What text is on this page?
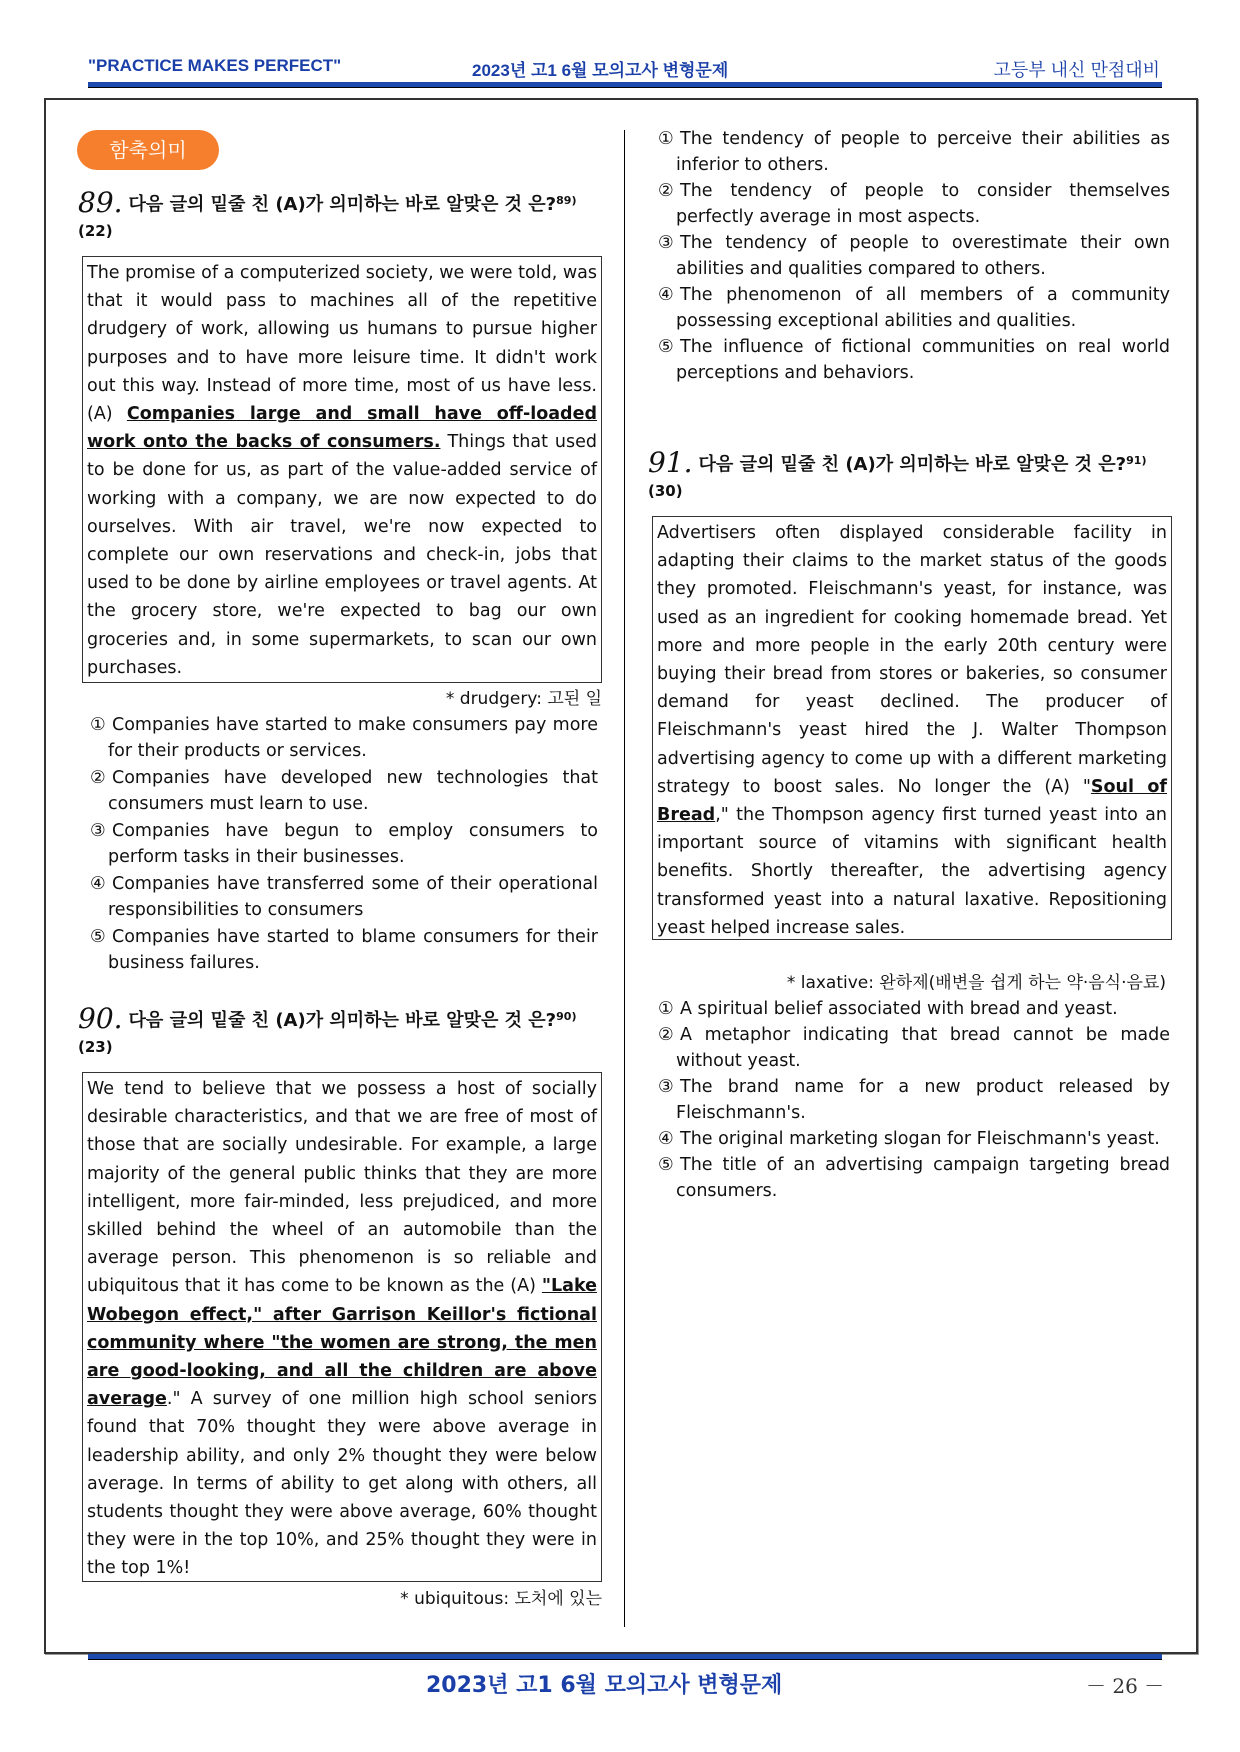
"PRACTICE MAKES PERFECT"	2023년 고1 6월 모의고사 변형문제	고등부 내신 만점대비
함축의미
89. 다음 글의 밑줄 친 (A)가 의미하는 바로 알맞은 것 은?$^{89)}$(22)
The promise of a computerized society, we were told, was that it would pass to machines all of the repetitive drudgery of work, allowing us humans to pursue higher purposes and to have more leisure time. It didn't work out this way. Instead of more time, most of us have less. (A) Companies large and small have off-loaded work onto the backs of consumers. Things that used to be done for us, as part of the value-added service of working with a company, we are now expected to do ourselves. With air travel, we're now expected to complete our own reservations and check-in, jobs that used to be done by airline employees or travel agents. At the grocery store, we're expected to bag our own groceries and, in some supermarkets, to scan our own purchases.
* drudgery: 고된 일
① Companies have started to make consumers pay more for their products or services.
② Companies have developed new technologies that consumers must learn to use.
③ Companies have begun to employ consumers to perform tasks in their businesses.
④ Companies have transferred some of their operational responsibilities to consumers
⑤ Companies have started to blame consumers for their business failures.
90. 다음 글의 밑줄 친 (A)가 의미하는 바로 알맞은 것 은?$^{90)}$(23)
We tend to believe that we possess a host of socially desirable characteristics, and that we are free of most of those that are socially undesirable. For example, a large majority of the general public thinks that they are more intelligent, more fair-minded, less prejudiced, and more skilled behind the wheel of an automobile than the average person. This phenomenon is so reliable and ubiquitous that it has come to be known as the (A) "Lake Wobegon effect," after Garrison Keillor's fictional community where "the women are strong, the men are good-looking, and all the children are above average." A survey of one million high school seniors found that 70% thought they were above average in leadership ability, and only 2% thought they were below average. In terms of ability to get along with others, all students thought they were above average, 60% thought they were in the top 10%, and 25% thought they were in the top 1%!
* ubiquitous: 도처에 있는
① The tendency of people to perceive their abilities as inferior to others.
② The tendency of people to consider themselves perfectly average in most aspects.
③ The tendency of people to overestimate their own abilities and qualities compared to others.
④ The phenomenon of all members of a community possessing exceptional abilities and qualities.
⑤ The influence of fictional communities on real world perceptions and behaviors.
91. 다음 글의 밑줄 친 (A)가 의미하는 바로 알맞은 것 은?$^{91)}$(30)
Advertisers often displayed considerable facility in adapting their claims to the market status of the goods they promoted. Fleischmann's yeast, for instance, was used as an ingredient for cooking homemade bread. Yet more and more people in the early 20th century were buying their bread from stores or bakeries, so consumer demand for yeast declined. The producer of Fleischmann's yeast hired the J. Walter Thompson advertising agency to come up with a different marketing strategy to boost sales. No longer the (A) "Soul of Bread," the Thompson agency first turned yeast into an important source of vitamins with significant health benefits. Shortly thereafter, the advertising agency transformed yeast into a natural laxative. Repositioning yeast helped increase sales.
* laxative: 완하제(배변을 쉽게 하는 약·음식·음료)
① A spiritual belief associated with bread and yeast.
② A metaphor indicating that bread cannot be made without yeast.
③ The brand name for a new product released by Fleischmann's.
④ The original marketing slogan for Fleischmann's yeast.
⑤ The title of an advertising campaign targeting bread consumers.
2023년 고1 6월 모의고사 변형문제	－ 26 －
